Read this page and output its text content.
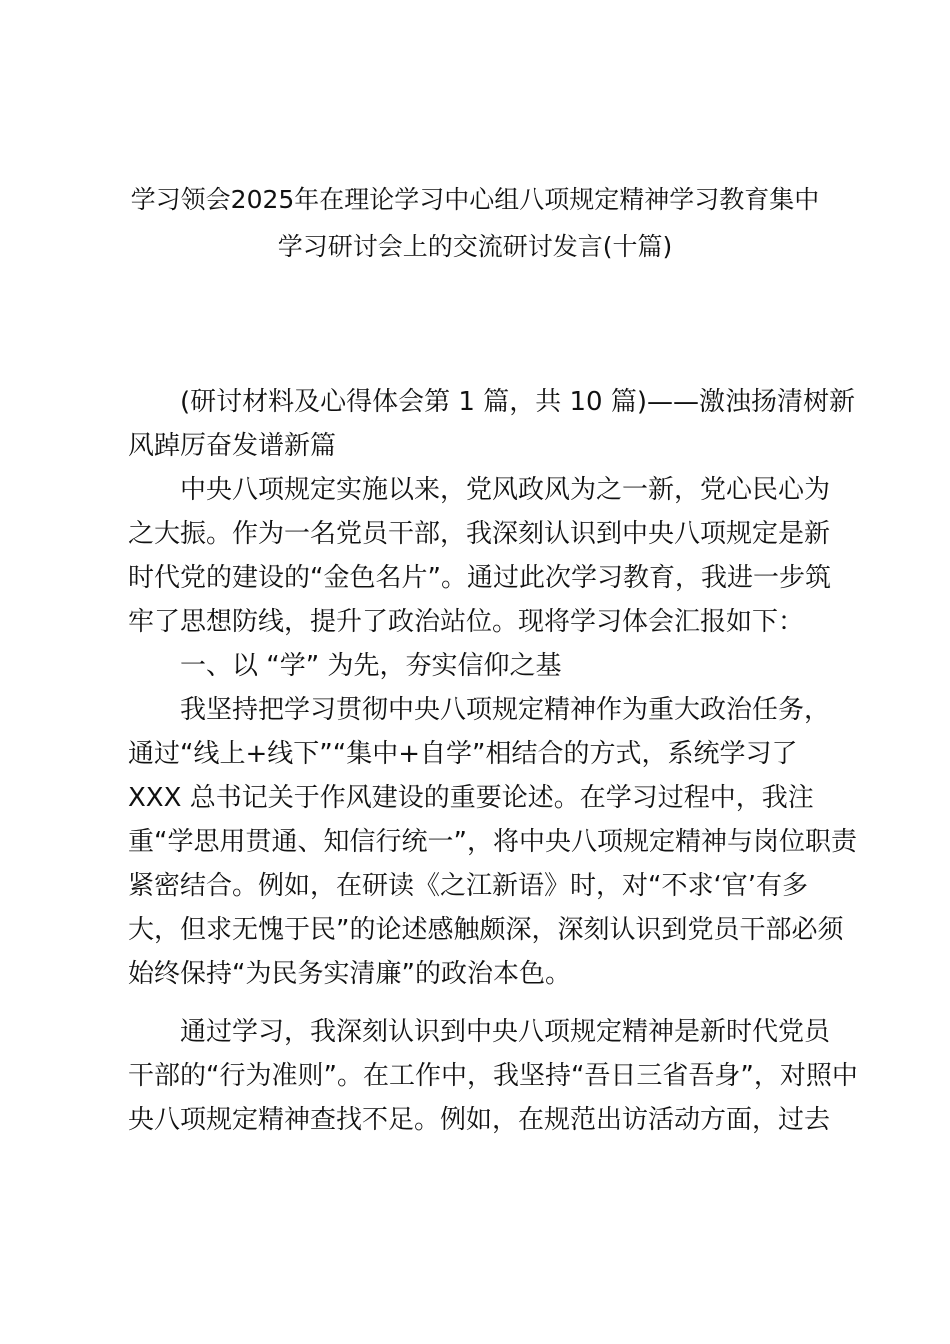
学习领会2025年在理论学习中心组八项规定精神学习教育集中
学习研讨会上的交流研讨发言(十篇)
(研讨材料及心得体会第 1 篇，共 10 篇)——激浊扬清树新
风踔厉奋发谱新篇
中央八项规定实施以来，党风政风为之一新，党心民心为
之大振。作为一名党员干部，我深刻认识到中央八项规定是新
时代党的建设的“金色名片”。通过此次学习教育，我进一步筑
牢了思想防线，提升了政治站位。现将学习体会汇报如下：
一、以 “学” 为先，夯实信仰之基
我坚持把学习贯彻中央八项规定精神作为重大政治任务，
通过“线上+线下”“集中+自学”相结合的方式，系统学习了
XXX 总书记关于作风建设的重要论述。在学习过程中，我注
重“学思用贯通、知信行统一”，将中央八项规定精神与岗位职责
紧密结合。例如，在研读《之江新语》时，对“不求‘官’有多
大，但求无愧于民”的论述感触颇深，深刻认识到党员干部必须
始终保持“为民务实清廉”的政治本色。
通过学习，我深刻认识到中央八项规定精神是新时代党员
干部的“行为准则”。在工作中，我坚持“吾日三省吾身”，对照中
央八项规定精神查找不足。例如，在规范出访活动方面，过去
